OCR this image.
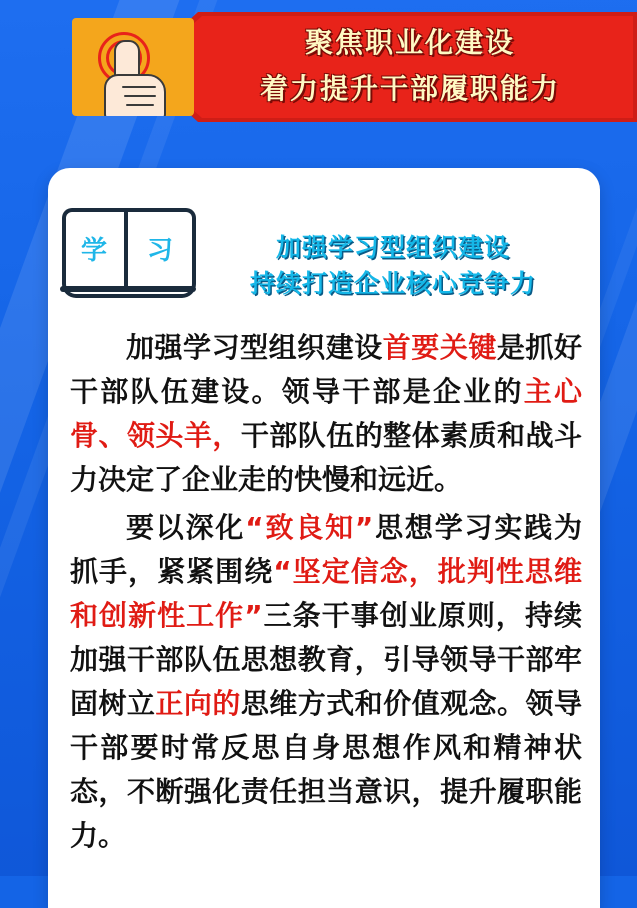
聚焦职业化建设
着力提升干部履职能力
学	习	加强学习型组织建设
持续打造企业核心竞争力

加强学习型组织建设首要关键是抓好干部队伍建设。领导干部是企业的主心骨、领头羊，干部队伍的整体素质和战斗力决定了企业走的快慢和远近。

要以深化“致良知”思想学习实践为抓手，紧紧围绕“坚定信念，批判性思维和创新性工作”三条干事创业原则，持续加强干部队伍思想教育，引导领导干部牢固树立正向的思维方式和价值观念。领导干部要时常反思自身思想作风和精神状态，不断强化责任担当意识，提升履职能力。
